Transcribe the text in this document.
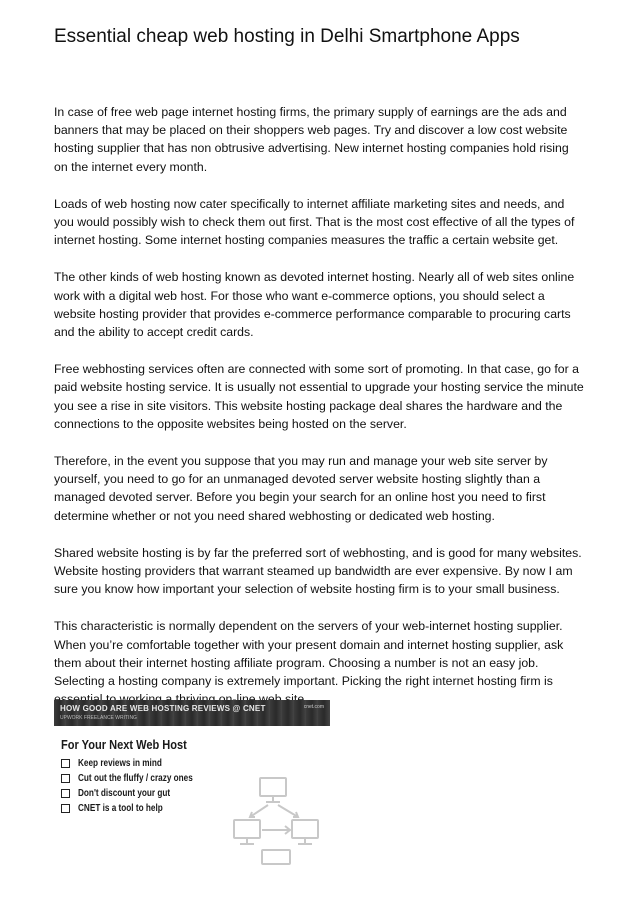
Essential cheap web hosting in Delhi Smartphone Apps

In case of free web page internet hosting firms, the primary supply of earnings are the ads and banners that may be placed on their shoppers web pages. Try and discover a low cost website hosting supplier that has non obtrusive advertising. New internet hosting companies hold rising on the internet every month.

Loads of web hosting now cater specifically to internet affiliate marketing sites and needs, and you would possibly wish to check them out first. That is the most cost effective of all the types of internet hosting. Some internet hosting companies measures the traffic a certain website get.

The other kinds of web hosting known as devoted internet hosting. Nearly all of web sites online work with a digital web host. For those who want e-commerce options, you should select a website hosting provider that provides e-commerce performance comparable to procuring carts and the ability to accept credit cards.

Free webhosting services often are connected with some sort of promoting. In that case, go for a paid website hosting service. It is usually not essential to upgrade your hosting service the minute you see a rise in site visitors. This website hosting package deal shares the hardware and the connections to the opposite websites being hosted on the server.

Therefore, in the event you suppose that you may run and manage your web site server by yourself, you need to go for an unmanaged devoted server website hosting slightly than a managed devoted server. Before you begin your search for an online host you need to first determine whether or not you need shared webhosting or dedicated web hosting.

Shared website hosting is by far the preferred sort of webhosting, and is good for many websites. Website hosting providers that warrant steamed up bandwidth are ever expensive. By now I am sure you know how important your selection of website hosting firm is to your small business.

This characteristic is normally dependent on the servers of your web-internet hosting supplier. When you’re comfortable together with your present domain and internet hosting supplier, ask them about their internet hosting affiliate program. Choosing a number is not an easy job. Selecting a hosting company is extremely important. Picking the right internet hosting firm is

HOW GOOD ARE WEB HOSTING REVIEWS @ CNET
UPWORK FREELANCE WRITING
cnet.com
For Your Next Web Host
Keep reviews in mind
Cut out the fluffy / crazy ones
Don't discount your gut
CNET is a tool to help
